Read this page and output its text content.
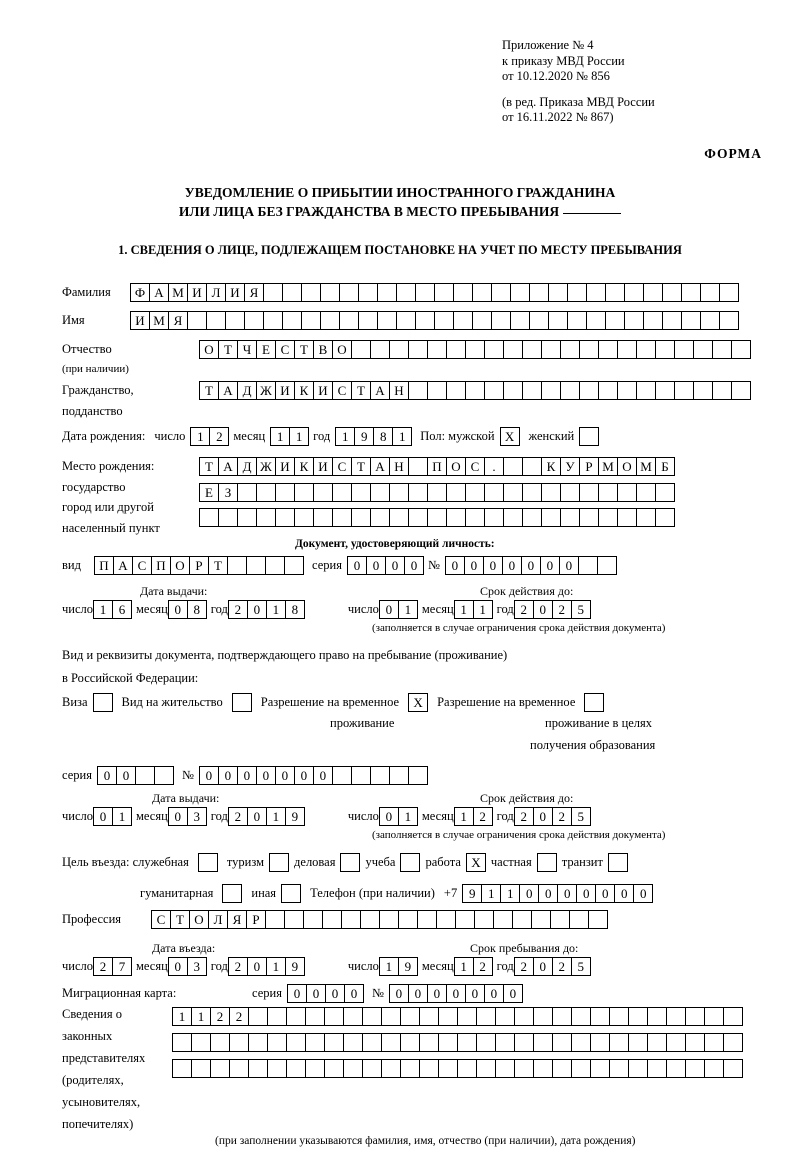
Приложение № 4
к приказу МВД России
от 10.12.2020 № 856
(в ред. Приказа МВД России
от 16.11.2022 № 867)
ФОРМА
УВЕДОМЛЕНИЕ О ПРИБЫТИИ ИНОСТРАННОГО ГРАЖДАНИНА
ИЛИ ЛИЦА БЕЗ ГРАЖДАНСТВА В МЕСТО ПРЕБЫВАНИЯ
1. СВЕДЕНИЯ О ЛИЦЕ, ПОДЛЕЖАЩЕМ ПОСТАНОВКЕ НА УЧЕТ ПО МЕСТУ ПРЕБЫВАНИЯ
Фамилия	Ф А М И Л И Я
Имя	И М Я
Отчество	О Т Ч Е С Т В О
(при наличии)
Гражданство,	Т А Д Ж И К И С Т А Н
подданство
Дата рождения: число 1 2 месяц 1 1 год 1 9 8 1	Пол: мужской X	женский
Место рождения:	Т А Д Ж И К И С Т А Н	П О С	.	К У Р М О М Б
государство	Е З
город или другой
населенный пункт
Документ, удостоверяющий личность:
вид	П А С П О Р Т	серия 0 0 0 0 № 0 0 0 0 0 0 0
Дата выдачи:	Срок действия до:
число 1 6 месяц 0 8 год 2 0 1 8	число 0 1 месяц 1 1 год 2 0 2 5
(заполняется в случае ограничения срока действия документа)
Вид и реквизиты документа, подтверждающего право на пребывание (проживание)
в Российской Федерации:
Виза	Вид на жительство	Разрешение на временное	X	Разрешение на временное
проживание	проживание в целях
получения образования
серия 0 0	№ 0 0 0 0 0 0 0
Дата выдачи:	Срок действия до:
число 0 1 месяц 0 3 год 2 0 1 9	число 0 1 месяц 1 2 год 2 0 2 5
(заполняется в случае ограничения срока действия документа)
Цель въезда: служебная	туризм деловая учеба работа X частная транзит
гуманитарная	иная	Телефон (при наличии) +7 9 1 1 0 0 0 0 0 0 0
Профессия	С Т О Л Я Р
Дата въезда:	Срок пребывания до:
число 2 7 месяц 0 3 год 2 0 1 9	число 1 9 месяц 1 2 год 2 0 2 5
Миграционная карта:	серия 0 0 0 0	№ 0 0 0 0 0 0 0
Сведения о
законных
представителях
(родителях,
усыновителях,
попечителях)
1 1 2 2
(при заполнении указываются фамилия, имя, отчество (при наличии), дата рождения)
